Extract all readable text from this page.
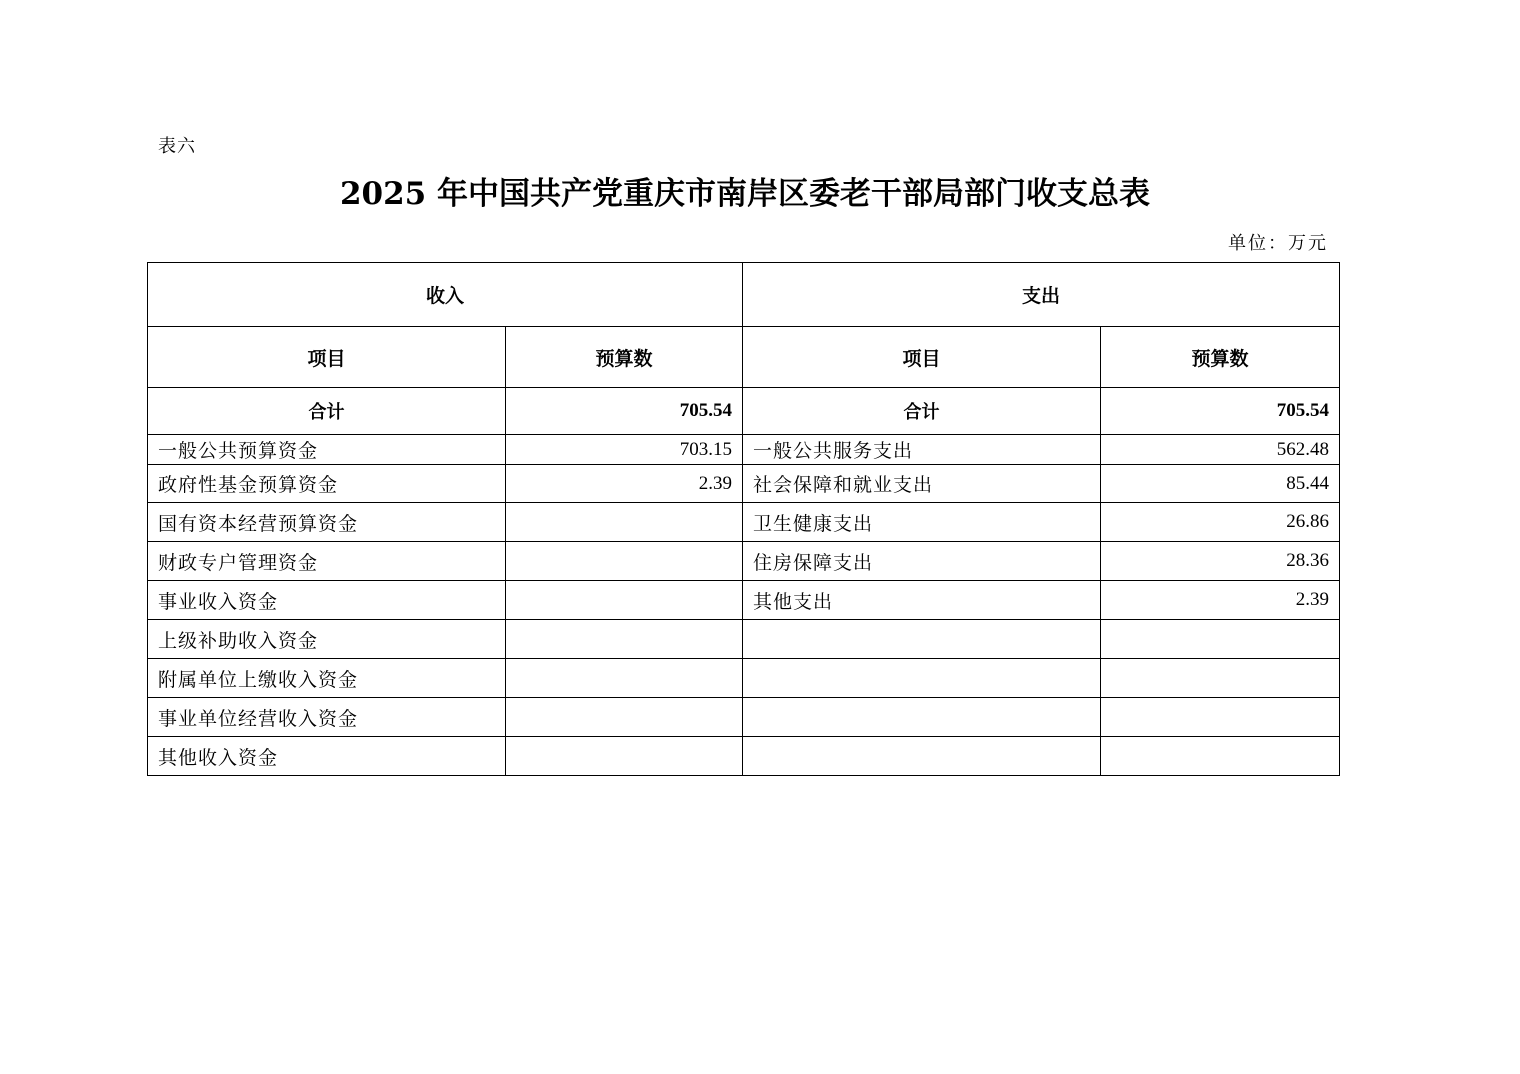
表六
2025 年中国共产党重庆市南岸区委老干部局部门收支总表
单位：万元
收入		支出	
项目	预算数	项目	预算数
合计	705.54	合计	705.54
一般公共预算资金	703.15	一般公共服务支出	562.48
政府性基金预算资金	2.39	社会保障和就业支出	85.44
国有资本经营预算资金		卫生健康支出	26.86
财政专户管理资金		住房保障支出	28.36
事业收入资金		其他支出	2.39
上级补助收入资金			
附属单位上缴收入资金			
事业单位经营收入资金			
其他收入资金			
